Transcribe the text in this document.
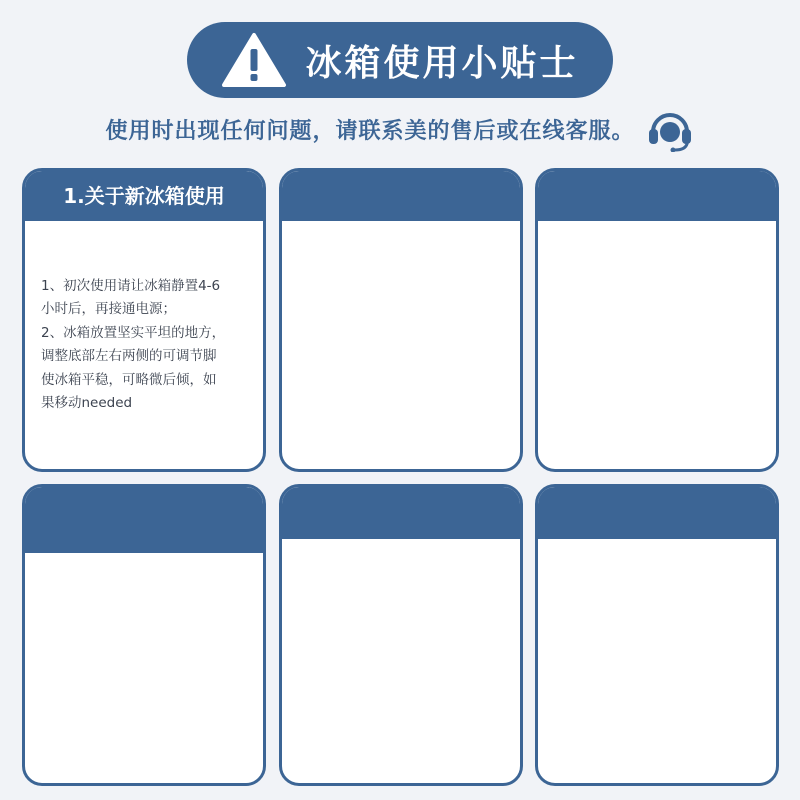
冰箱使用小贴士
使用时出现任何问题，请联系美的售后或在线客服。
1.关于新冰箱使用
1、初次使用请让冰箱静置4-6
小时后，再接通电源；
2、冰箱放置坚实平坦的地方，
调整底部左右两侧的可调节脚
使冰箱平稳，可略微后倾，如
果移动needed
